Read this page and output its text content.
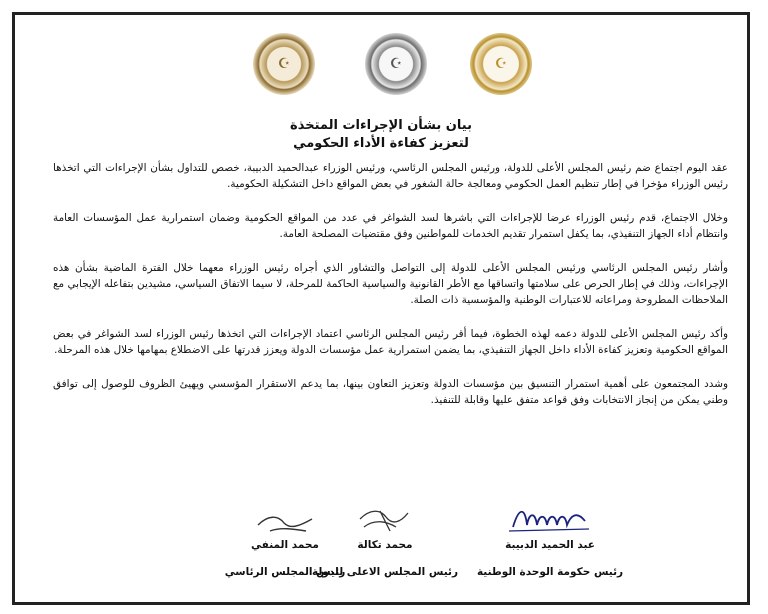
☪	☪	☪
بيان بشأن الإجراءات المتخذة
لتعزيز كفاءة الأداء الحكومي

عقد اليوم اجتماع ضم رئيس المجلس الأعلى للدولة، ورئيس المجلس الرئاسي، ورئيس الوزراء عبدالحميد الدبيبة، خصص للتداول بشأن الإجراءات التي اتخذها رئيس الوزراء مؤخرا في إطار تنظيم العمل الحكومي ومعالجة حالة الشغور في بعض المواقع داخل التشكيلة الحكومية.

وخلال الاجتماع، قدم رئيس الوزراء عرضا للإجراءات التي باشرها لسد الشواغر في عدد من المواقع الحكومية وضمان استمرارية عمل المؤسسات العامة وانتظام أداء الجهاز التنفيذي، بما يكفل استمرار تقديم الخدمات للمواطنين وفق مقتضيات المصلحة العامة.

وأشار رئيس المجلس الرئاسي ورئيس المجلس الأعلى للدولة إلى التواصل والتشاور الذي أجراه رئيس الوزراء معهما خلال الفترة الماضية بشأن هذه الإجراءات، وذلك في إطار الحرص على سلامتها واتساقها مع الأطر القانونية والسياسية الحاكمة للمرحلة، لا سيما الاتفاق السياسي، مشيدين بتفاعله الإيجابي مع الملاحظات المطروحة ومراعاته للاعتبارات الوطنية والمؤسسية ذات الصلة.

وأكد رئيس المجلس الأعلى للدولة دعمه لهذه الخطوة، فيما أقر رئيس المجلس الرئاسي اعتماد الإجراءات التي اتخذها رئيس الوزراء لسد الشواغر في بعض المواقع الحكومية وتعزيز كفاءة الأداء داخل الجهاز التنفيذي، بما يضمن استمرارية عمل مؤسسات الدولة ويعزز قدرتها على الاضطلاع بمهامها خلال هذه المرحلة.

وشدد المجتمعون على أهمية استمرار التنسيق بين مؤسسات الدولة وتعزيز التعاون بينها، بما يدعم الاستقرار المؤسسي ويهيئ الظروف للوصول إلى توافق وطني يمكن من إنجاز الانتخابات وفق قواعد متفق عليها وقابلة للتنفيذ.

عبد الحميد الدبيبة
رئيس حكومة الوحدة الوطنية
محمد تكالة
رئيس المجلس الاعلى للدولة
محمد المنفي
رئيس المجلس الرئاسي
